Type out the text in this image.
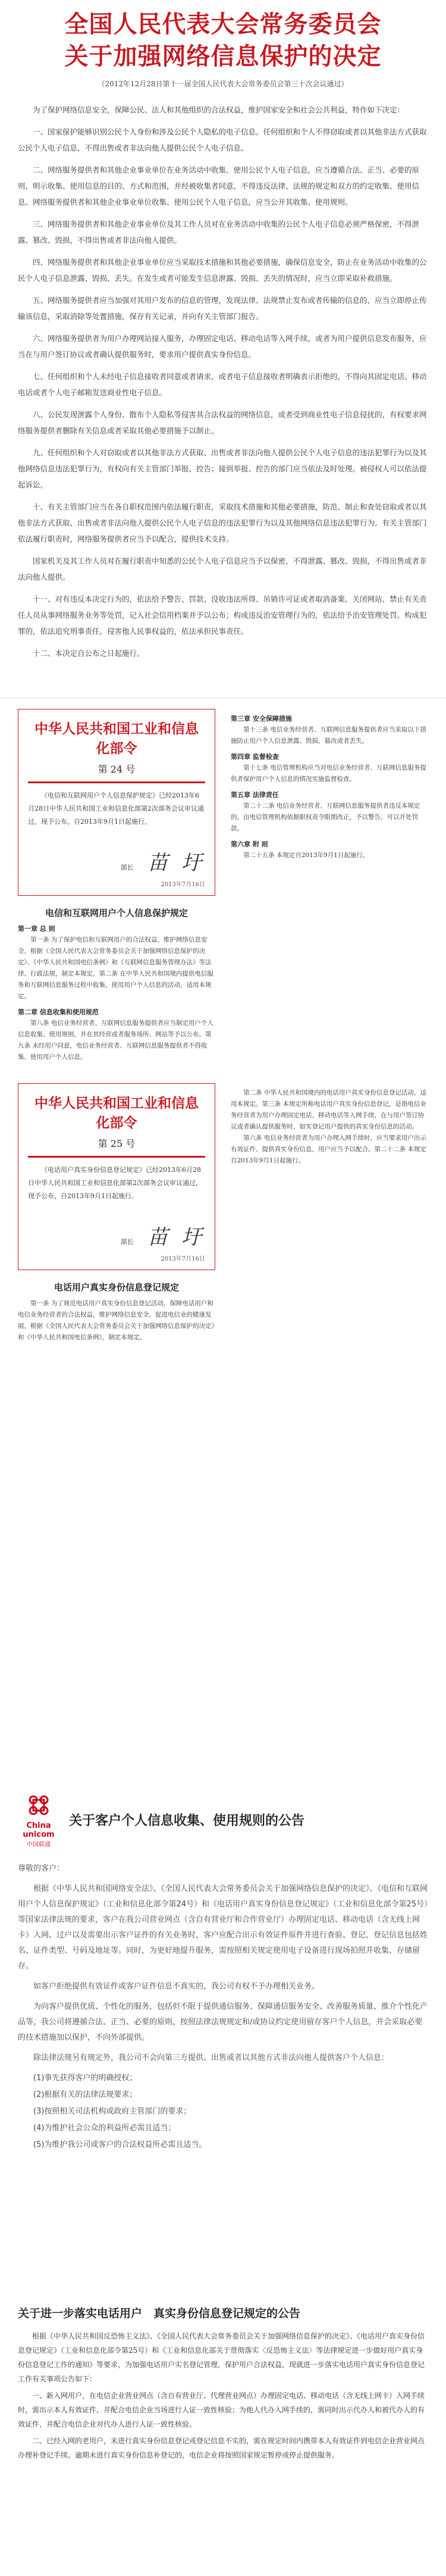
全国人民代表大会常务委员会
关于加强网络信息保护的决定
（2012年12月28日第十一届全国人民代表大会常务委员会第三十次会议通过）

为了保护网络信息安全，保障公民、法人和其他组织的合法权益，维护国家安全和社会公共利益，特作如下决定：

一、国家保护能够识别公民个人身份和涉及公民个人隐私的电子信息。任何组织和个人不得窃取或者以其他非法方式获取公民个人电子信息，不得出售或者非法向他人提供公民个人电子信息。

二、网络服务提供者和其他企业事业单位在业务活动中收集、使用公民个人电子信息，应当遵循合法、正当、必要的原则，明示收集、使用信息的目的、方式和范围，并经被收集者同意，不得违反法律、法规的规定和双方的约定收集、使用信息。网络服务提供者和其他企业事业单位收集、使用公民个人电子信息，应当公开其收集、使用规则。

三、网络服务提供者和其他企业事业单位及其工作人员对在业务活动中收集的公民个人电子信息必须严格保密，不得泄露、篡改、毁损，不得出售或者非法向他人提供。

四、网络服务提供者和其他企业事业单位应当采取技术措施和其他必要措施，确保信息安全，防止在业务活动中收集的公民个人电子信息泄露、毁损、丢失。在发生或者可能发生信息泄露、毁损、丢失的情况时，应当立即采取补救措施。

五、网络服务提供者应当加强对其用户发布的信息的管理，发现法律、法规禁止发布或者传输的信息的，应当立即停止传输该信息，采取消除等处置措施，保存有关记录，并向有关主管部门报告。

六、网络服务提供者为用户办理网站接入服务，办理固定电话、移动电话等入网手续，或者为用户提供信息发布服务，应当在与用户签订协议或者确认提供服务时，要求用户提供真实身份信息。

七、任何组织和个人未经电子信息接收者同意或者请求，或者电子信息接收者明确表示拒绝的，不得向其固定电话、移动电话或者个人电子邮箱发送商业性电子信息。

八、公民发现泄露个人身份、散布个人隐私等侵害其合法权益的网络信息，或者受到商业性电子信息侵扰的，有权要求网络服务提供者删除有关信息或者采取其他必要措施予以制止。

九、任何组织和个人对窃取或者以其他非法方式获取、出售或者非法向他人提供公民个人电子信息的违法犯罪行为以及其他网络信息违法犯罪行为，有权向有关主管部门举报、控告；接到举报、控告的部门应当依法及时处理。被侵权人可以依法提起诉讼。

十、有关主管部门应当在各自职权范围内依法履行职责，采取技术措施和其他必要措施，防范、制止和查处窃取或者以其他非法方式获取、出售或者非法向他人提供公民个人电子信息的违法犯罪行为以及其他网络信息违法犯罪行为。有关主管部门依法履行职责时，网络服务提供者应当予以配合，提供技术支持。

国家机关及其工作人员对在履行职责中知悉的公民个人电子信息应当予以保密，不得泄露、篡改、毁损，不得出售或者非法向他人提供。

十一、对有违反本决定行为的，依法给予警告、罚款、没收违法所得、吊销许可证或者取消备案、关闭网站、禁止有关责任人员从事网络服务业务等处罚，记入社会信用档案并予以公布；构成违反治安管理行为的，依法给予治安管理处罚。构成犯罪的，依法追究刑事责任。侵害他人民事权益的，依法承担民事责任。

十二、本决定自公布之日起施行。

中华人民共和国工业和信息化部令
第 24 号
《电信和互联网用户个人信息保护规定》已经2013年6月28日中华人民共和国工业和信息化部第2次部务会议审议通过，现予公布，自2013年9月1日起施行。
部长 苗 圩
2013年7月16日
电信和互联网用户个人信息保护规定
第一章 总 则

第一条 为了保护电信和互联网用户的合法权益，维护网络信息安全，根据《全国人民代表大会常务委员会关于加强网络信息保护的决定》、《中华人民共和国电信条例》和《互联网信息服务管理办法》等法律、行政法规，制定本规定。第二条 在中华人民共和国境内提供电信服务和互联网信息服务过程中收集、使用用户个人信息的活动，适用本规定。

第二章 信息收集和使用规范

第八条 电信业务经营者、互联网信息服务提供者应当制定用户个人信息收集、使用规则，并在其经营或者服务场所、网站等予以公布。第九条 未经用户同意，电信业务经营者、互联网信息服务提供者不得收集、使用用户个人信息。

中华人民共和国工业和信息化部令
第 25 号
《电话用户真实身份信息登记规定》已经2013年6月28日中华人民共和国工业和信息化部第2次部务会议审议通过，现予公布，自2013年9月1日起施行。
部长 苗 圩
2013年7月16日
电话用户真实身份信息登记规定

第一条 为了规范电话用户真实身份信息登记活动，保障电话用户和电信业务经营者的合法权益，维护网络信息安全，促进电信业的健康发展，根据《全国人民代表大会常务委员会关于加强网络信息保护的决定》和《中华人民共和国电信条例》，制定本规定。

第三章 安全保障措施

第十三条 电信业务经营者、互联网信息服务提供者应当采取以下措施防止用户个人信息泄露、毁损、篡改或者丢失。

第四章 监督检查

第十七条 电信管理机构应当对电信业务经营者、互联网信息服务提供者保护用户个人信息的情况实施监督检查。

第五章 法律责任

第二十二条 电信业务经营者、互联网信息服务提供者违反本规定的，由电信管理机构依据职权责令限期改正，予以警告，可以并处罚款。

第六章 附 则

第二十五条 本规定自2013年9月1日起施行。

第二条 中华人民共和国境内的电话用户真实身份信息登记活动，适用本规定。第三条 本规定所称电话用户真实身份信息登记，是指电信业务经营者为用户办理固定电话、移动电话等入网手续，在与用户签订协议或者确认提供服务时，如实登记用户提供的真实身份信息的活动。

第六条 电信业务经营者为用户办理入网手续时，应当要求用户出示有效证件、提供真实身份信息，用户应当予以配合。第二十二条 本规定自2013年9月1日起施行。

China unicom
中国联通
关于客户个人信息收集、使用规则的公告

尊敬的客户：

根据《中华人民共和国网络安全法》、《全国人民代表大会常务委员会关于加强网络信息保护的决定》、《电信和互联网用户个人信息保护规定》（工业和信息化部令第24号）和《电话用户真实身份信息登记规定》（工业和信息化部令第25号）等国家法律法规的要求，客户在我公司营业网点（含自有营业厅和合作营业厅）办理固定电话、移动电话（含无线上网卡）入网、过户以及需要出示客户证件的有关业务时，客户应配合出示有效证件原件并进行查验、登记，登记信息包括姓名、证件类型、号码及地址等。同时，为更好地提升服务，需按照相关规定使用电子设备进行现场拍照并收集、存储留存。

如客户拒绝提供有效证件或客户证件信息不真实的，我公司有权不予办理相关业务。

为向客户提供优质、个性化的服务，包括但不限于提供通信服务、保障通信服务安全、改善服务质量、推介个性化产品等，我公司将遵循合法、正当、必要的原则，按照法律法规规定和/或协议约定使用留存客户个人信息，并会采取必要的技术措施加以保护，不向外部提供。

除法律法规另有规定外，我公司不会向第三方提供、出售或者以其他方式非法向他人提供客户个人信息：

(1)事先获得客户的明确授权；

(2)根据有关的法律法规要求；

(3)按照相关司法机构或政府主管部门的要求；

(4)为维护社会公众的利益所必需且适当；

(5)为维护我公司或客户的合法权益所必需且适当。

关于进一步落实电话用户　真实身份信息登记规定的公告

根据《中华人民共和国反恐怖主义法》、《全国人民代表大会常务委员会关于加强网络信息保护的决定》、《电话用户真实身份信息登记规定》（工业和信息化部令第25号）和《工业和信息化部关于贯彻落实〈反恐怖主义法〉等法律规定进一步做好用户真实身份信息登记工作的通知》等要求，为加强电话用户实名登记管理，保护用户合法权益，现就进一步落实电话用户真实身份信息登记工作有关事项公告如下：

一、新入网用户，在电信企业营业网点（含自有营业厅、代理营业网点）办理固定电话、移动电话（含无线上网卡）入网手续时，需出示本人有效证件，并配合电信企业当场进行人证一致性核验；为他人代办入网手续的，需同时出示代办人和被代办人的有效证件，并配合电信企业对代办人进行人证一致性核验。

二、已经入网的老用户，未进行真实身份信息登记或登记信息不实的，需在规定时间内携带本人有效证件到电信企业营业网点办理补登记手续。逾期未进行真实身份信息补登记的，电信企业将按照国家规定暂停或停止提供服务。
